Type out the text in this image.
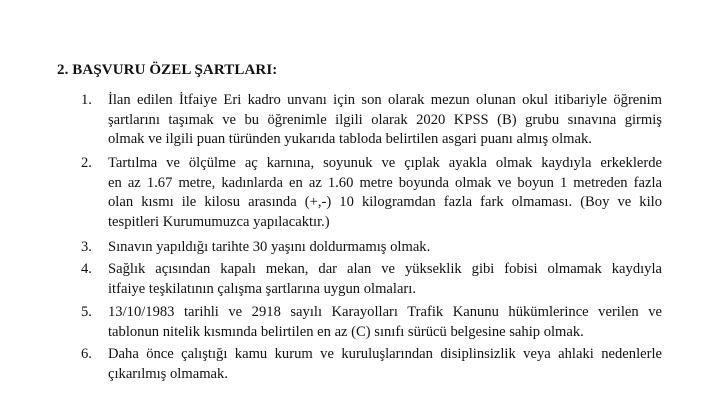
2. BAŞVURU ÖZEL ŞARTLARI:
1.	İlan edilen İtfaiye Eri kadro unvanı için son olarak mezun olunan okul itibariyle öğrenim
şartlarını taşımak ve bu öğrenimle ilgili olarak 2020 KPSS (B) grubu sınavına girmiş
olmak ve ilgili puan türünden yukarıda tabloda belirtilen asgari puanı almış olmak.
2.	Tartılma ve ölçülme aç karnına, soyunuk ve çıplak ayakla olmak kaydıyla erkeklerde
en az 1.67 metre, kadınlarda en az 1.60 metre boyunda olmak ve boyun 1 metreden fazla
olan kısmı ile kilosu arasında (+,-) 10 kilogramdan fazla fark olmaması. (Boy ve kilo
tespitleri Kurumumuzca yapılacaktır.)
3.	Sınavın yapıldığı tarihte 30 yaşını doldurmamış olmak.
4.	Sağlık açısından kapalı mekan, dar alan ve yükseklik gibi fobisi olmamak kaydıyla
itfaiye teşkilatının çalışma şartlarına uygun olmaları.
5.	13/10/1983 tarihli ve 2918 sayılı Karayolları Trafik Kanunu hükümlerince verilen ve
tablonun nitelik kısmında belirtilen en az (C) sınıfı sürücü belgesine sahip olmak.
6.	Daha önce çalıştığı kamu kurum ve kuruluşlarından disiplinsizlik veya ahlaki nedenlerle
çıkarılmış olmamak.
